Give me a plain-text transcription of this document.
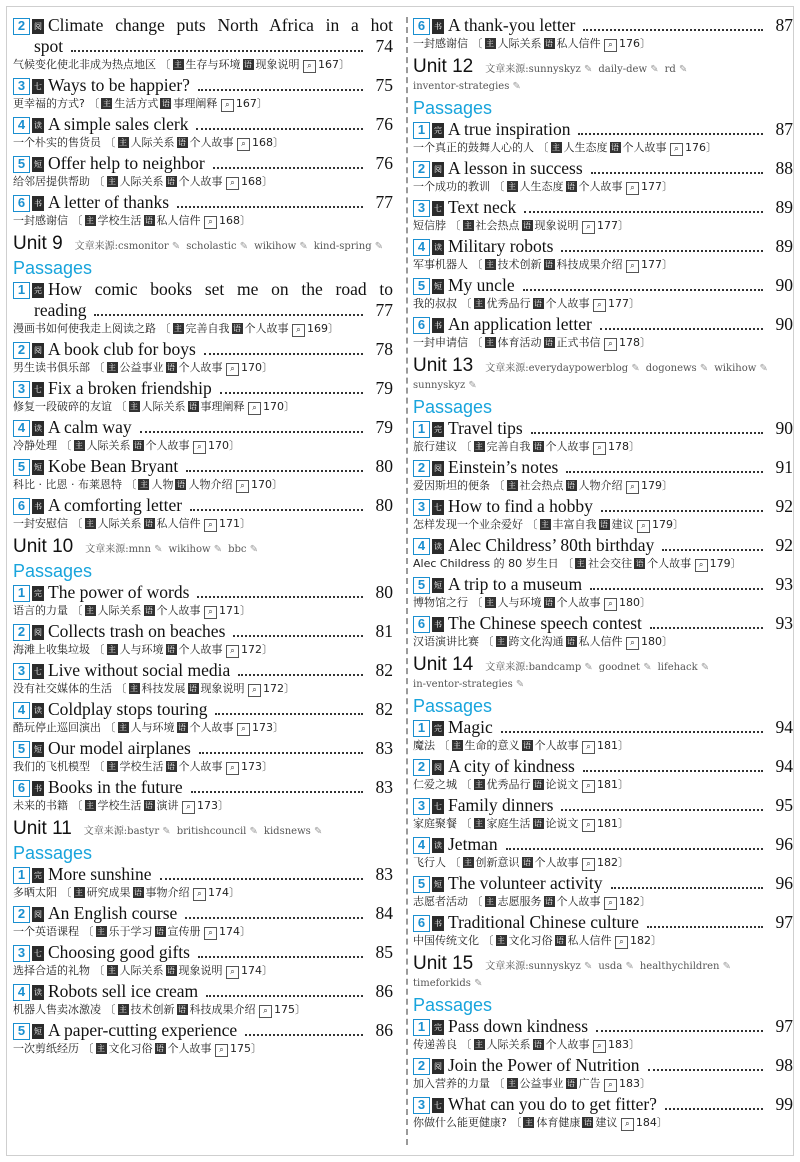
2	阅 Climate change puts North Africa in a hot
spot	74
气候变化使北非成为热点地区 〔 主 生存与环境 语 现象说明 ⌕ 167〕
3	七 Ways to be happier?	75
更幸福的方式? 〔 主 生活方式 语 事理阐释 ⌕ 167〕
4	读 A simple sales clerk	76
一个朴实的售货员 〔 主 人际关系 语 个人故事 ⌕ 168〕
5	短 Offer help to neighbor	76
给邻居提供帮助 〔 主 人际关系 语 个人故事 ⌕ 168〕
6	书 A letter of thanks	77
一封感谢信 〔 主 学校生活 语 私人信件 ⌕ 168〕
Unit 9 文章来源: csmonitor ✎	scholastic ✎	wikihow ✎	kind-spring ✎
Passages
1	完 How comic books set me on the road to
reading	77
漫画书如何使我走上阅读之路 〔 主 完善自我 语 个人故事 ⌕ 169〕
2	阅 A book club for boys	78
男生读书俱乐部 〔 主 公益事业 语 个人故事 ⌕ 170〕
3	七 Fix a broken friendship	79
修复一段破碎的友谊 〔 主 人际关系 语 事理阐释 ⌕ 170〕
4	读 A calm way	79
冷静处理 〔 主 人际关系 语 个人故事 ⌕ 170〕
5	短 Kobe Bean Bryant	80
科比 · 比恩 · 布莱恩特 〔 主 人物 语 人物介绍 ⌕ 170〕
6	书 A comforting letter	80
一封安慰信 〔 主 人际关系 语 私人信件 ⌕ 171〕
Unit 10 文章来源: mnn ✎	wikihow ✎	bbc ✎
Passages
1	完 The power of words	80
语言的力量 〔 主 人际关系 语 个人故事 ⌕ 171〕
2	阅 Collects trash on beaches	81
海滩上收集垃圾 〔 主 人与环境 语 个人故事 ⌕ 172〕
3	七 Live without social media	82
没有社交媒体的生活 〔 主 科技发展 语 现象说明 ⌕ 172〕
4	读 Coldplay stops touring	82
酷玩停止巡回演出 〔 主 人与环境 语 个人故事 ⌕ 173〕
5	短 Our model airplanes	83
我们的飞机模型 〔 主 学校生活 语 个人故事 ⌕ 173〕
6	书 Books in the future	83
未来的书籍 〔 主 学校生活 语 演讲 ⌕ 173〕
Unit 11 文章来源: bastyr ✎	britishcouncil ✎	kidsnews ✎
Passages
1	完 More sunshine	83
多晒太阳 〔 主 研究成果 语 事物介绍 ⌕ 174〕
2	阅 An English course	84
一个英语课程 〔 主 乐于学习 语 宣传册 ⌕ 174〕
3	七 Choosing good gifts	85
选择合适的礼物 〔 主 人际关系 语 现象说明 ⌕ 174〕
4	读 Robots sell ice cream	86
机器人售卖冰激凌 〔 主 技术创新 语 科技成果介绍 ⌕ 175〕
5	短 A paper-cutting experience	86
一次剪纸经历 〔 主 文化习俗 语 个人故事 ⌕ 175〕
6	书 A thank-you letter	87
一封感谢信 〔 主 人际关系 语 私人信件 ⌕ 176〕
Unit 12 文章来源: sunnyskyz ✎	daily-dew ✎	rd ✎
inventor-strategies ✎
Passages
1	完 A true inspiration	87
一个真正的鼓舞人心的人 〔 主 人生态度 语 个人故事 ⌕ 176〕
2	阅 A lesson in success	88
一个成功的教训 〔 主 人生态度 语 个人故事 ⌕ 177〕
3	七 Text neck	89
短信脖 〔 主 社会热点 语 现象说明 ⌕ 177〕
4	读 Military robots	89
军事机器人 〔 主 技术创新 语 科技成果介绍 ⌕ 177〕
5	短 My uncle	90
我的叔叔 〔 主 优秀品行 语 个人故事 ⌕ 177〕
6	书 An application letter	90
一封申请信 〔 主 体育活动 语 正式书信 ⌕ 178〕
Unit 13 文章来源: everydaypowerblog ✎	dogonews ✎	wikihow ✎
sunnyskyz ✎
Passages
1	完 Travel tips	90
旅行建议 〔 主 完善自我 语 个人故事 ⌕ 178〕
2	阅 Einstein’s notes	91
爱因斯坦的便条 〔 主 社会热点 语 人物介绍 ⌕ 179〕
3	七 How to find a hobby	92
怎样发现一个业余爱好 〔 主 丰富自我 语 建议 ⌕ 179〕
4	读 Alec Childress’ 80th birthday	92
Alec Childress 的 80 岁生日 〔 主 社会交往 语 个人故事 ⌕ 179〕
5	短 A trip to a museum	93
博物馆之行 〔 主 人与环境 语 个人故事 ⌕ 180〕
6	书 The Chinese speech contest	93
汉语演讲比赛 〔 主 跨文化沟通 语 私人信件 ⌕ 180〕
Unit 14 文章来源: bandcamp ✎	goodnet ✎	lifehack ✎
in-ventor-strategies ✎
Passages
1	完 Magic	94
魔法 〔 主 生命的意义 语 个人故事 ⌕ 181〕
2	阅 A city of kindness	94
仁爱之城 〔 主 优秀品行 语 论说文 ⌕ 181〕
3	七 Family dinners	95
家庭聚餐 〔 主 家庭生活 语 论说文 ⌕ 181〕
4	读 Jetman	96
飞行人 〔 主 创新意识 语 个人故事 ⌕ 182〕
5	短 The volunteer activity	96
志愿者活动 〔 主 志愿服务 语 个人故事 ⌕ 182〕
6	书 Traditional Chinese culture	97
中国传统文化 〔 主 文化习俗 语 私人信件 ⌕ 182〕
Unit 15 文章来源: sunnyskyz ✎	usda ✎	healthychildren ✎
timeforkids ✎
Passages
1	完 Pass down kindness	97
传递善良 〔 主 人际关系 语 个人故事 ⌕ 183〕
2	阅 Join the Power of Nutrition	98
加入营养的力量 〔 主 公益事业 语 广告 ⌕ 183〕
3	七 What can you do to get fitter?	99
你做什么能更健康? 〔 主 体育健康 语 建议 ⌕ 184〕
